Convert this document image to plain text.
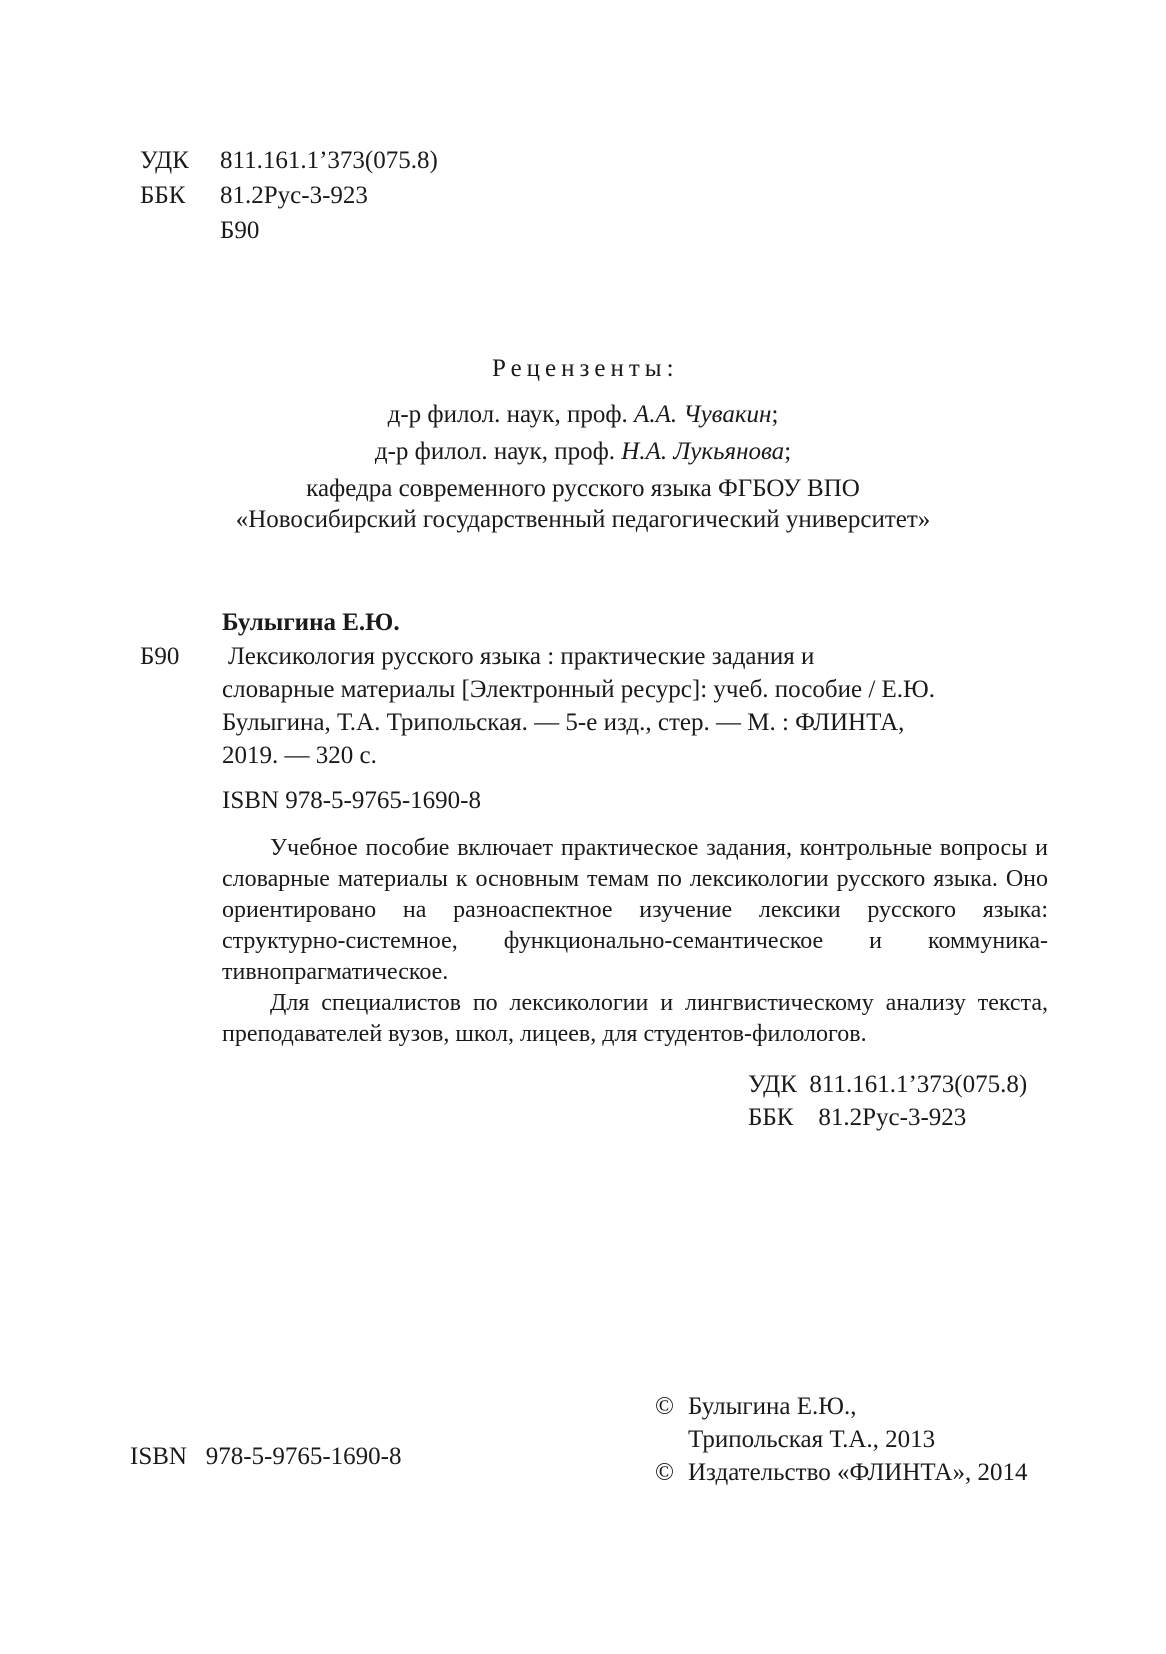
УДК 811.161.1’373(075.8)
ББК 81.2Рус-3-923
Б90
Рецензенты:
д-р филол. наук, проф. А.А. Чувакин;
д-р филол. наук, проф. Н.А. Лукьянова;
кафедра современного русского языка ФГБОУ ВПО
«Новосибирский государственный педагогический университет»
Булыгина Е.Ю.
Б90 Лексикология русского языка : практические задания и
словарные материалы [Электронный ресурс]: учеб. пособие / Е.Ю.
Булыгина, Т.А. Трипольская. — 5-е изд., стер. — М. : ФЛИНТА,
2019. — 320 с.
ISBN 978-5-9765-1690-8

Учебное пособие включает практическое задания, контрольные вопросы и словарные материалы к основным темам по лексикологии русского языка. Оно ориентировано на разноаспектное изучение лексики русского языка: структурно-системное, функционально-семантическое и коммуника-тивнопрагматическое.

Для специалистов по лексикологии и лингвистическому анализу текста, преподавателей вузов, школ, лицеев, для студентов-филологов.

УДК  811.161.1’373(075.8)
ББК    81.2Рус-3-923
ISBN   978-5-9765-1690-8
© Булыгина Е.Ю.,
Трипольская Т.А., 2013
© Издательство «ФЛИНТА», 2014
